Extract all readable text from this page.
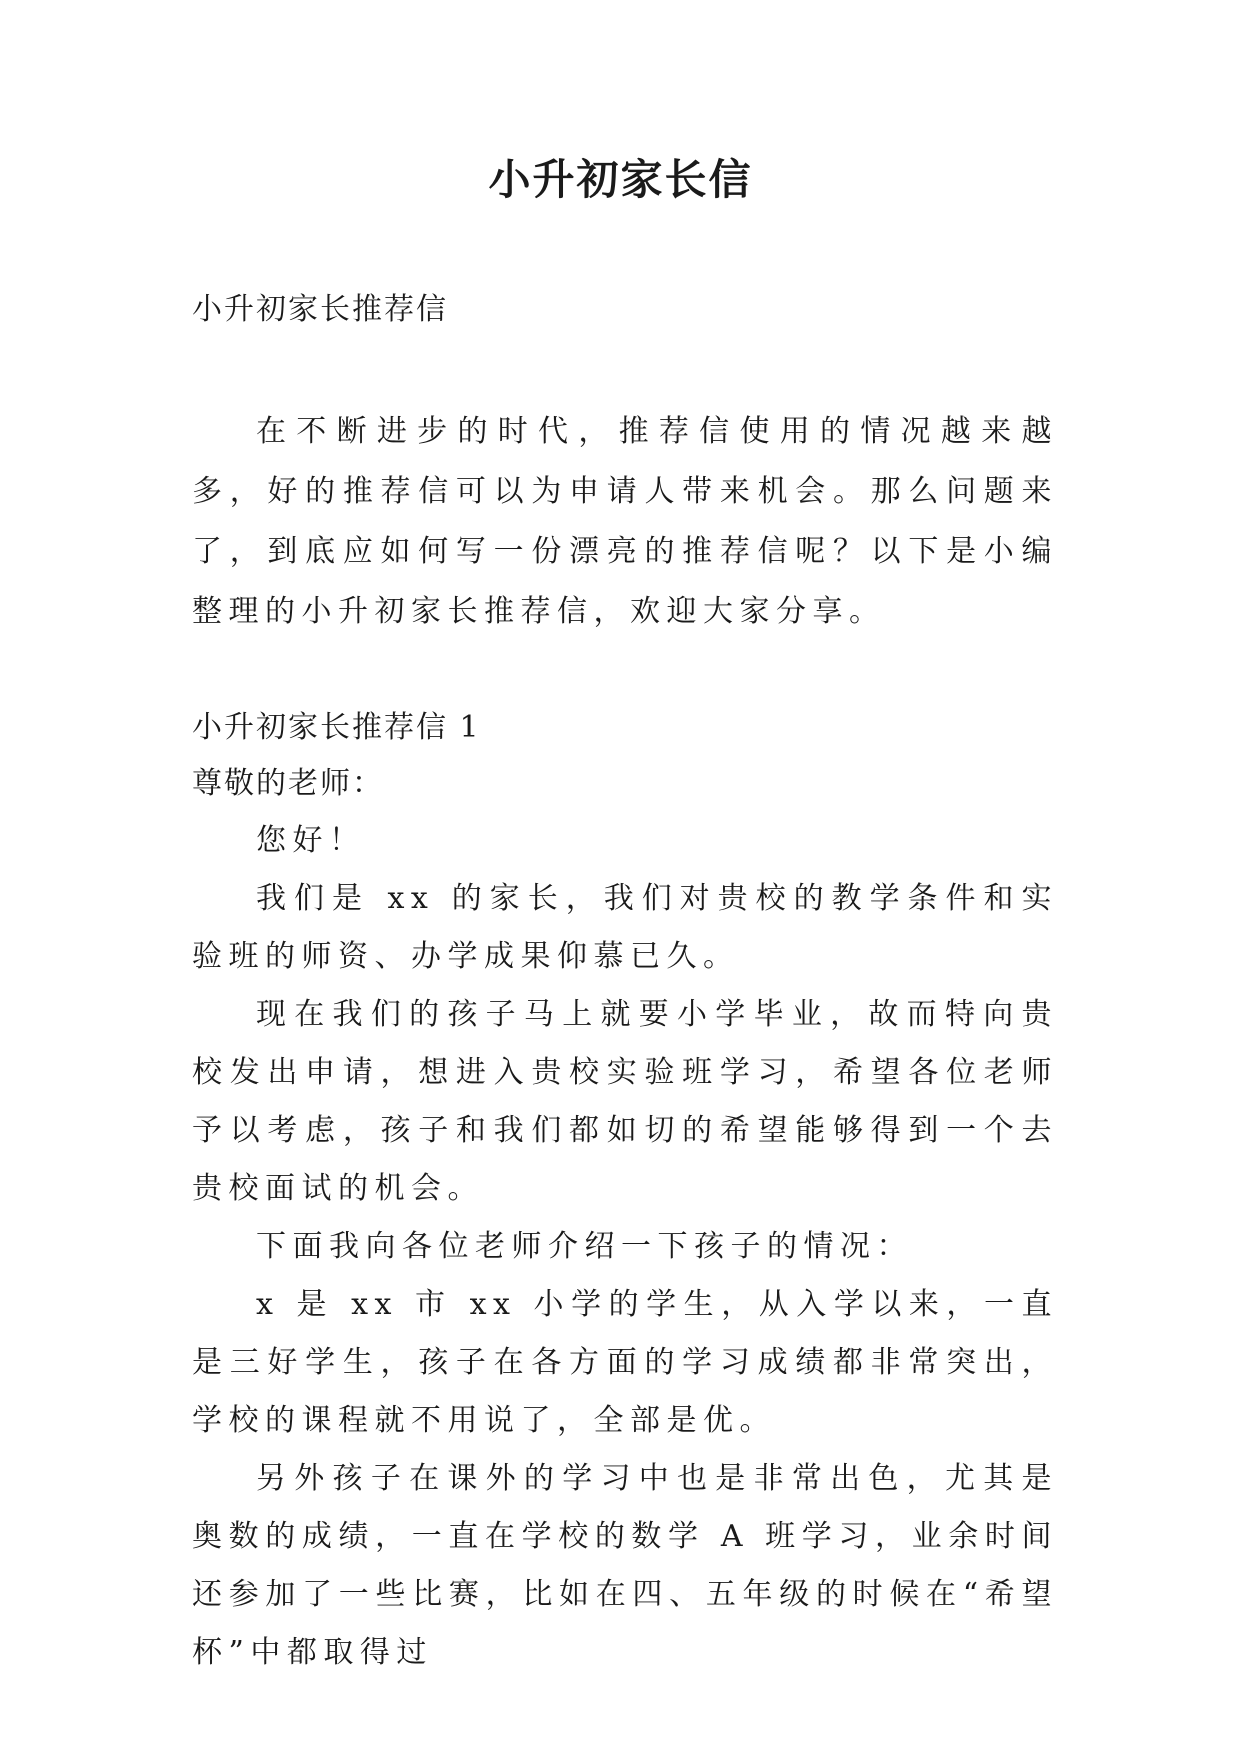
小升初家长信
小升初家长推荐信
在不断进步的时代，推荐信使用的情况越来越多，好的推荐信可以为申请人带来机会。那么问题来了，到底应如何写一份漂亮的推荐信呢？以下是小编整理的小升初家长推荐信，欢迎大家分享。

小升初家长推荐信 1

尊敬的老师：

您好！

我们是 xx 的家长，我们对贵校的教学条件和实验班的师资、办学成果仰慕已久。

现在我们的孩子马上就要小学毕业，故而特向贵校发出申请，想进入贵校实验班学习，希望各位老师予以考虑，孩子和我们都如切的希望能够得到一个去贵校面试的机会。

下面我向各位老师介绍一下孩子的情况：

x 是 xx 市 xx 小学的学生，从入学以来，一直是三好学生，孩子在各方面的学习成绩都非常突出，学校的课程就不用说了，全部是优。

另外孩子在课外的学习中也是非常出色，尤其是奥数的成绩，一直在学校的数学 A 班学习，业余时间还参加了一些比赛，比如在四、五年级的时候在“希望杯”中都取得过
